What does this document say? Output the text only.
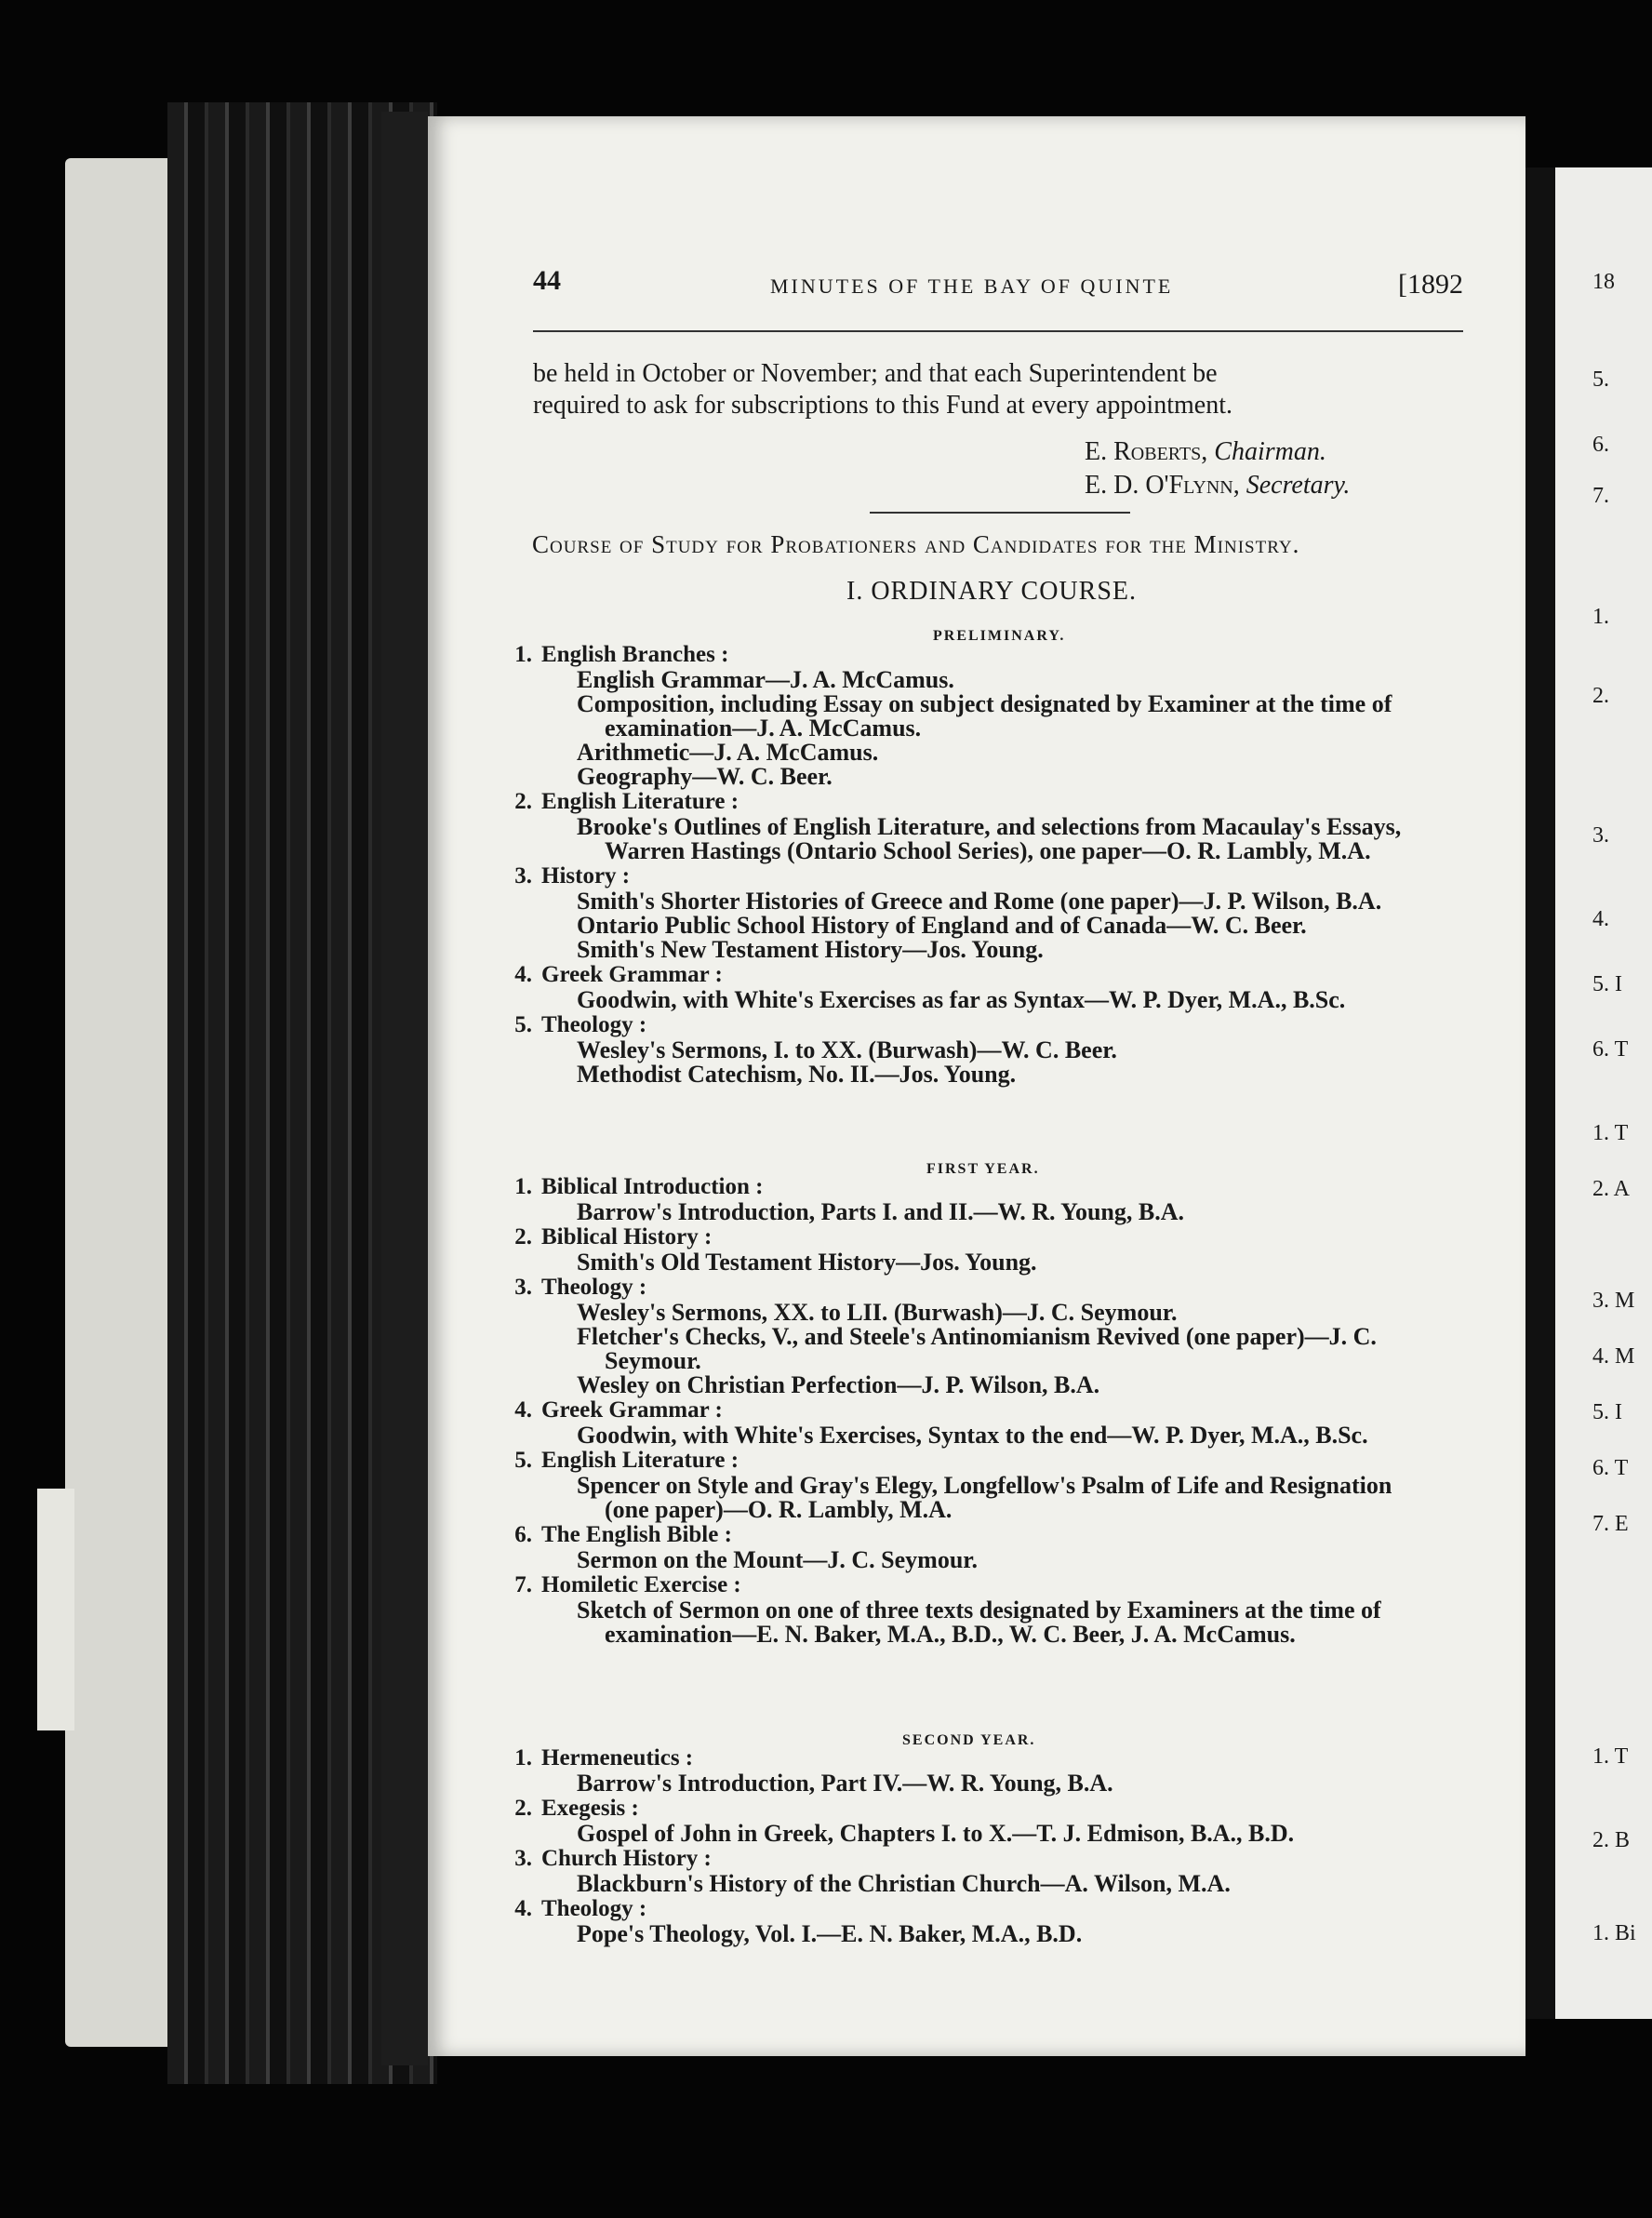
44	MINUTES OF THE BAY OF QUINTE	[1892
be held in October or November; and that each Superintendent be
required to ask for subscriptions to this Fund at every appointment.
E. Roberts, Chairman.
E. D. O'Flynn, Secretary.
Course of Study for Probationers and Candidates for the Ministry.
I. ORDINARY COURSE.
PRELIMINARY.
1. English Branches :
English Grammar—J. A. McCamus.
Composition, including Essay on subject designated by Examiner at the time of
examination—J. A. McCamus.
Arithmetic—J. A. McCamus.
Geography—W. C. Beer.
2. English Literature :
Brooke's Outlines of English Literature, and selections from Macaulay's Essays,
Warren Hastings (Ontario School Series), one paper—O. R. Lambly, M.A.
3. History :
Smith's Shorter Histories of Greece and Rome (one paper)—J. P. Wilson, B.A.
Ontario Public School History of England and of Canada—W. C. Beer.
Smith's New Testament History—Jos. Young.
4. Greek Grammar :
Goodwin, with White's Exercises as far as Syntax—W. P. Dyer, M.A., B.Sc.
5. Theology :
Wesley's Sermons, I. to XX. (Burwash)—W. C. Beer.
Methodist Catechism, No. II.—Jos. Young.
FIRST YEAR.
1. Biblical Introduction :
Barrow's Introduction, Parts I. and II.—W. R. Young, B.A.
2. Biblical History :
Smith's Old Testament History—Jos. Young.
3. Theology :
Wesley's Sermons, XX. to LII. (Burwash)—J. C. Seymour.
Fletcher's Checks, V., and Steele's Antinomianism Revived (one paper)—J. C.
Seymour.
Wesley on Christian Perfection—J. P. Wilson, B.A.
4. Greek Grammar :
Goodwin, with White's Exercises, Syntax to the end—W. P. Dyer, M.A., B.Sc.
5. English Literature :
Spencer on Style and Gray's Elegy, Longfellow's Psalm of Life and Resignation
(one paper)—O. R. Lambly, M.A.
6. The English Bible :
Sermon on the Mount—J. C. Seymour.
7. Homiletic Exercise :
Sketch of Sermon on one of three texts designated by Examiners at the time of
examination—E. N. Baker, M.A., B.D., W. C. Beer, J. A. McCamus.
SECOND YEAR.
1. Hermeneutics :
Barrow's Introduction, Part IV.—W. R. Young, B.A.
2. Exegesis :
Gospel of John in Greek, Chapters I. to X.—T. J. Edmison, B.A., B.D.
3. Church History :
Blackburn's History of the Christian Church—A. Wilson, M.A.
4. Theology :
Pope's Theology, Vol. I.—E. N. Baker, M.A., B.D.
18
5.
6.
7.
1.
2.
3.
4.
5. I
6. T
1. T
2. A
3. M
4. M
5. I
6. T
7. E
1. T
2. B
1. Bi
